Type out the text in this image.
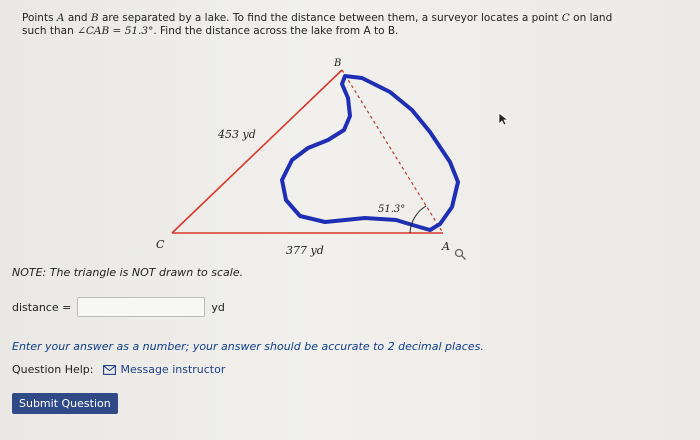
Points A and B are separated by a lake. To find the distance between them, a surveyor locates a point C on land such than ∠CAB = 51.3°. Find the distance across the lake from A to B.
B
C	A
453 yd
377 yd
51.3°
NOTE: The triangle is NOT drawn to scale.
distance =	yd
Enter your answer as a number; your answer should be accurate to 2 decimal places.
Question Help: Message instructor
Submit Question
